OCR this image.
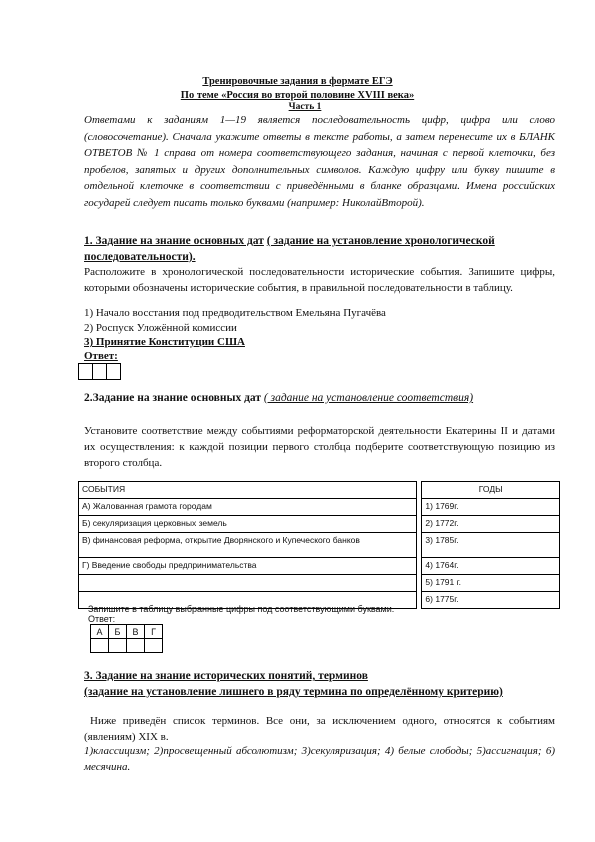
Тренировочные задания в формате ЕГЭ
По теме «Россия во второй половине XVIII века»
Часть 1

Ответами к заданиям 1—19 является последовательность цифр, цифра или слово (словосочетание). Сначала укажите ответы в тексте работы, а затем перенесите их в БЛАНК ОТВЕТОВ № 1 справа от номера соответствующего задания, начиная с первой клеточки, без пробелов, запятых и других дополнительных символов. Каждую цифру или букву пишите в отдельной клеточке в соответствии с приведёнными в бланке образцами. Имена российских государей следует писать только буквами (например: НиколайВторой).

1. Задание на знание основных дат ( задание на установление хронологической последовательности).

Расположите в хронологической последовательности исторические события. Запишите цифры, которыми обозначены исторические события, в правильной последовательности в таблицу.

1) Начало восстания под предводительством Емельяна Пугачёва
2) Роспуск Уложённой комиссии
3) Принятие Конституции США
Ответ:
2.Задание на знание основных дат ( задание на установление соответствия)

Установите соответствие между событиями реформаторской деятельности Екатерины II и датами их осуществления: к каждой позиции первого столбца подберите соответствующую позицию из второго столбца.

СОБЫТИЯ		ГОДЫ
А) Жалованная грамота городам		1) 1769г.
Б) секуляризация церковных земель		2) 1772г.
В) финансовая реформа, открытие Дворянского и Купеческого банков		3) 1785г.
Г) Введение свободы предпринимательства		4) 1764г.
		5) 1791 г.
		6) 1775г.
Запишите в таблицу выбранные цифры под соответствующими буквами.
Ответ:
А	Б	В	Г

3. Задание на знание исторических понятий, терминов
(задание на установление лишнего в ряду термина по определённому критерию)

Ниже приведён список терминов. Все они, за исключением одного, относятся к событиям (явлениям) XIX в.

1)классицизм; 2)просвещенный абсолютизм; 3)секуляризация; 4) белые слободы; 5)ассигнация; 6) месячина.
